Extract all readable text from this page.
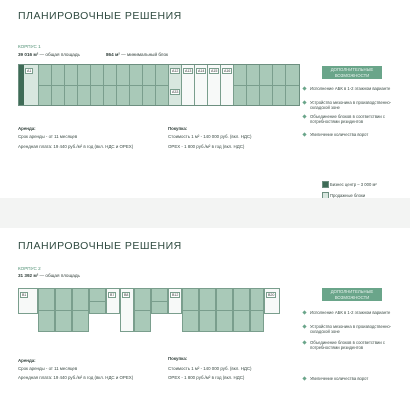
ПЛАНИРОВОЧНЫЕ РЕШЕНИЯ
КОРПУС 1
39 016 м² — общая площадь	864 м² — минимальный блок
A1	A12
A33
A13	A14	A15	A16	ДОПОЛНИТЕЛЬНЫЕ ВОЗМОЖНОСТИ
Исполнение АБК в 1-2 этажном варианте
Устройство мезонина в производственно-складской зоне
Объединение блоков в соответствии с потребностями резидентов
Увеличение количества ворот
Бизнес центр – 3 000 м²
Продажные блоки
Аренда:
Срок аренды - от 11 месяцев
Арендная плата: 19 440 руб./м² в год (вкл. НДС и OPEX)
Покупка:
Стоимость 1 м² - 140 000 руб. (вкл. НДС)
OPEX - 1 800 руб./м² в год (вкл. НДС)
ПЛАНИРОВОЧНЫЕ РЕШЕНИЯ
КОРПУС 2
31 392 м² — общая площадь
B1	B7	B8	B12	B20
ДОПОЛНИТЕЛЬНЫЕ ВОЗМОЖНОСТИ
Исполнение АБК в 1-2 этажном варианте
Устройство мезонина в производственно-складской зоне
Объединение блоков в соответствии с потребностями резидентов
Увеличение количества ворот
Аренда:
Срок аренды - от 11 месяцев
Арендная плата: 19 440 руб./м² в год (вкл. НДС и OPEX)
Покупка:
Стоимость 1 м² - 140 000 руб. (вкл. НДС)
OPEX - 1 800 руб./м² в год (вкл. НДС)
